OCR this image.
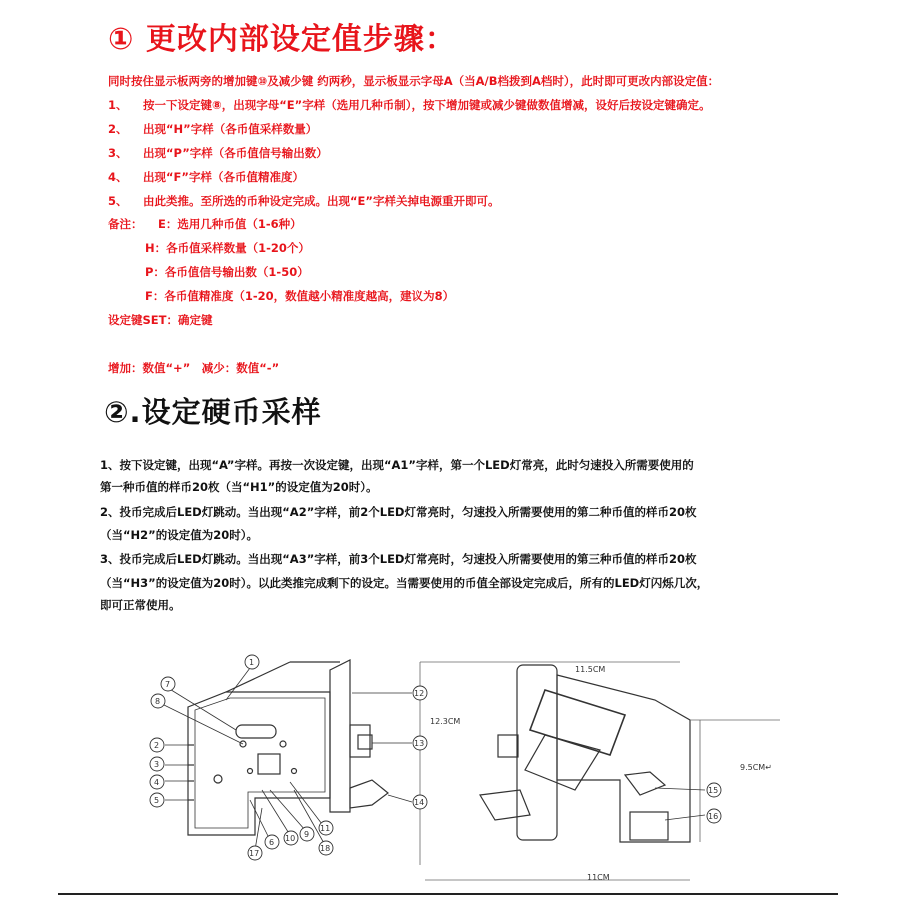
① 更改内部设定值步骤：
同时按住显示板两旁的增加键⑩及减少键 约两秒，显示板显示字母A（当A/B档拨到A档时），此时即可更改内部设定值：
1、 按一下设定键⑧，出现字母“E”字样（选用几种币制），按下增加键或减少键做数值增减，设好后按设定键确定。
2、 出现“H”字样（各币值采样数量）
3、 出现“P”字样（各币值信号输出数）
4、 出现“F”字样（各币值精准度）
5、 由此类推。至所选的币种设定完成。出现“E”字样关掉电源重开即可。
备注： E：选用几种币值（1-6种）
H：各币值采样数量（1-20个）
P：各币值信号输出数（1-50）
F：各币值精准度（1-20，数值越小精准度越高，建议为8）
设定键SET：确定键
增加：数值“+”　减少：数值“-”
②.设定硬币采样
1、按下设定键，出现“A”字样。再按一次设定键，出现“A1”字样，第一个LED灯常亮，此时匀速投入所需要使用的
第一种币值的样币20枚（当“H1”的设定值为20时）。
2、投币完成后LED灯跳动。当出现“A2”字样，前2个LED灯常亮时，匀速投入所需要使用的第二种币值的样币20枚
（当“H2”的设定值为20时）。
3、投币完成后LED灯跳动。当出现“A3”字样，前3个LED灯常亮时，匀速投入所需要使用的第三种币值的样币20枚
（当“H3”的设定值为20时）。以此类推完成剩下的设定。当需要使用的币值全部设定完成后，所有的LED灯闪烁几次，
即可正常使用。
11.5CM
12.3CM
9.5CM↵
11CM
1
7
8
2
3
4
5
6 10 9
11
18
17
12
13
14
15
16
